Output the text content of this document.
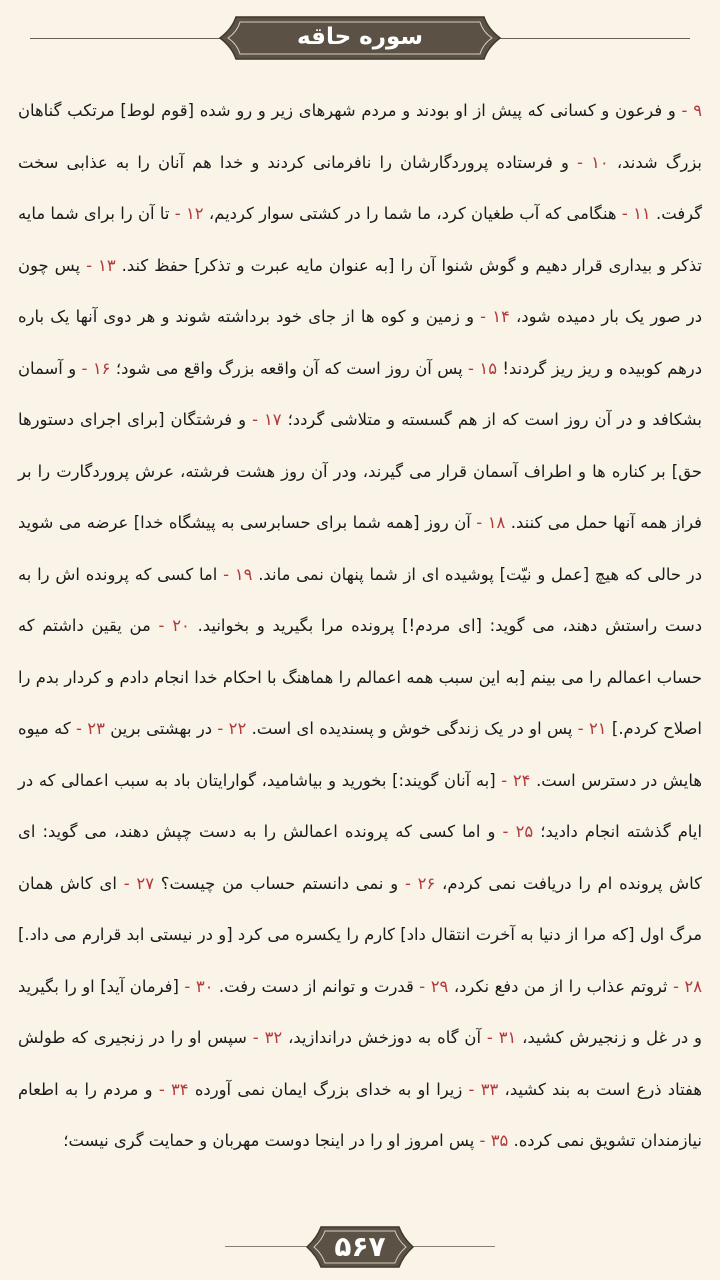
سوره حاقه

۹ - و فرعون و کسانی که پیش از او بودند و مردم شهرهای زیر و رو شده [قوم لوط] مرتکب گناهان بزرگ شدند، ۱۰ - و فرستاده پروردگارشان را نافرمانی کردند و خدا هم آنان را به عذابی سخت گرفت. ۱۱ - هنگامی که آب طغیان کرد، ما شما را در کشتی سوار کردیم، ۱۲ - تا آن را برای شما مایه تذکر و بیداری قرار دهیم و گوش شنوا آن را [به عنوان مایه عبرت و تذکر] حفظ کند. ۱۳ - پس چون در صور یک بار دمیده شود، ۱۴ - و زمین و کوه ها از جای خود برداشته شوند و هر دوی آنها یک باره درهم کوبیده و ریز ریز گردند! ۱۵ - پس آن روز است که آن واقعه بزرگ واقع می شود؛ ۱۶ - و آسمان بشکافد و در آن روز است که از هم گسسته و متلاشی گردد؛ ۱۷ - و فرشتگان [برای اجرای دستورها حق] بر کناره ها و اطراف آسمان قرار می گیرند، ودر آن روز هشت فرشته، عرش پروردگارت را بر فراز همه آنها حمل می کنند. ۱۸ - آن روز [همه شما برای حسابرسی به پیشگاه خدا] عرضه می شوید در حالی که هیچ [عمل و نیّت] پوشیده ای از شما پنهان نمی ماند. ۱۹ - اما کسی که پرونده اش را به دست راستش دهند، می گوید: [ای مردم!] پرونده مرا بگیرید و بخوانید. ۲۰ - من یقین داشتم که حساب اعمالم را می بینم [به این سبب همه اعمالم را هماهنگ با احکام خدا انجام دادم و کردار بدم را اصلاح کردم.] ۲۱ - پس او در یک زندگی خوش و پسندیده ای است. ۲۲ - در بهشتی برین ۲۳ - که میوه هایش در دسترس است. ۲۴ - [به آنان گویند:] بخورید و بیاشامید، گوارایتان باد به سبب اعمالی که در ایام گذشته انجام دادید؛ ۲۵ - و اما کسی که پرونده اعمالش را به دست چپش دهند، می گوید: ای کاش پرونده ام را دریافت نمی کردم، ۲۶ - و نمی دانستم حساب من چیست؟ ۲۷ - ای کاش همان مرگ اول [که مرا از دنیا به آخرت انتقال داد] کارم را یکسره می کرد [و در نیستی ابد قرارم می داد.] ۲۸ - ثروتم عذاب را از من دفع نکرد، ۲۹ - قدرت و توانم از دست رفت. ۳۰ - [فرمان آید] او را بگیرید و در غل و زنجیرش کشید، ۳۱ - آن گاه به دوزخش دراندازید، ۳۲ - سپس او را در زنجیری که طولش هفتاد ذرع است به بند کشید، ۳۳ - زیرا او به خدای بزرگ ایمان نمی آورده ۳۴ - و مردم را به اطعام نیازمندان تشویق نمی کرده. ۳۵ - پس امروز او را در اینجا دوست مهربان و حمایت گری نیست؛

۵۶۷
